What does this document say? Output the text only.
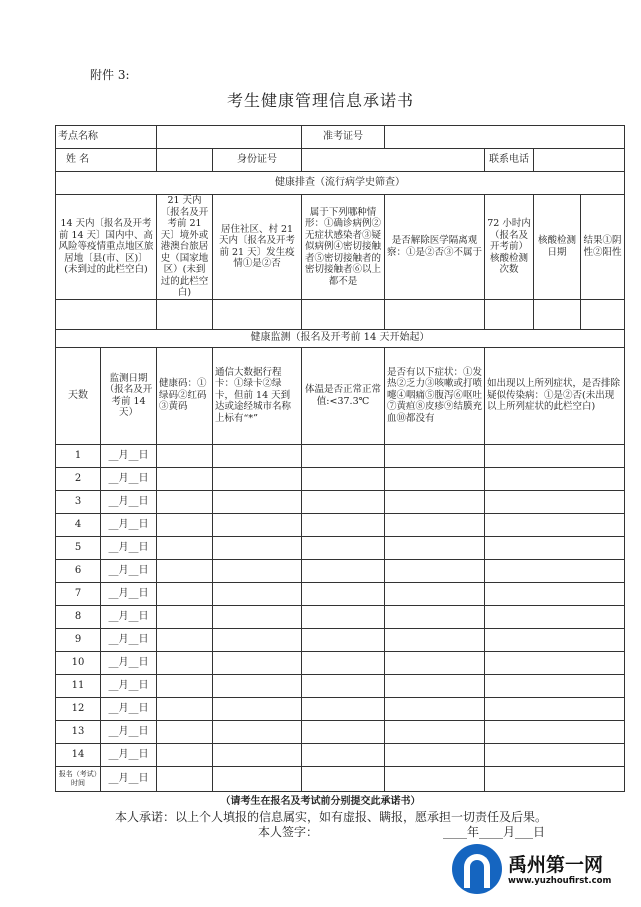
附件 3:
考生健康管理信息承诺书
考点名称				准考证号				
姓 名			身份证号			联系电话		
健康排查（流行病学史筛查）								
14 天内〔报名及开考前 14 天〕国内中、高风险等疫情重点地区旅居地〔县(市、区)〕(未到过的此栏空白)		21 天内〔报名及开考前 21 天〕境外或港澳台旅居史（国家地区）(未到过的此栏空白)	居住社区、村 21 天内〔报名及开考前 21 天〕发生疫情①是②否	属于下列哪种情形：①确诊病例②无症状感染者③疑似病例④密切接触者⑤密切接触者的密切接触者⑥以上都不是	是否解除医学隔离观察：①是②否③不属于	72 小时内（报名及开考前）核酸检测次数	核酸检测日期	结果①阴性②阳性

健康监测（报名及开考前 14 天开始起）								
天数	监测日期（报名及开考前 14 天）	健康码：①绿码②红码③黄码	通信大数据行程卡：①绿卡②绿卡，但前 14 天到达或途经城市名称上标有“*”	体温是否正常正常值:<37.3℃	是否有以下症状：①发热②乏力③咳嗽或打喷嚏④咽痛⑤腹泻⑥呕吐⑦黄疸⑧皮疹⑨结膜充血⑩都没有	如出现以上所列症状，是否排除疑似传染病：①是②否(未出现以上所列症状的此栏空白)		
1	__月__日							
2	__月__日							
3	__月__日							
4	__月__日							
5	__月__日							
6	__月__日							
7	__月__日							
8	__月__日							
9	__月__日							
10	__月__日							
11	__月__日							
12	__月__日							
13	__月__日							
14	__月__日							
报名（考试）时间	__月__日							
（请考生在报名及考试前分别提交此承诺书）
本人承诺：以上个人填报的信息属实，如有虚报、瞒报，愿承担一切责任及后果。
本人签字：	____年____月___日
禹州第一网
www.yuzhoufirst.com
